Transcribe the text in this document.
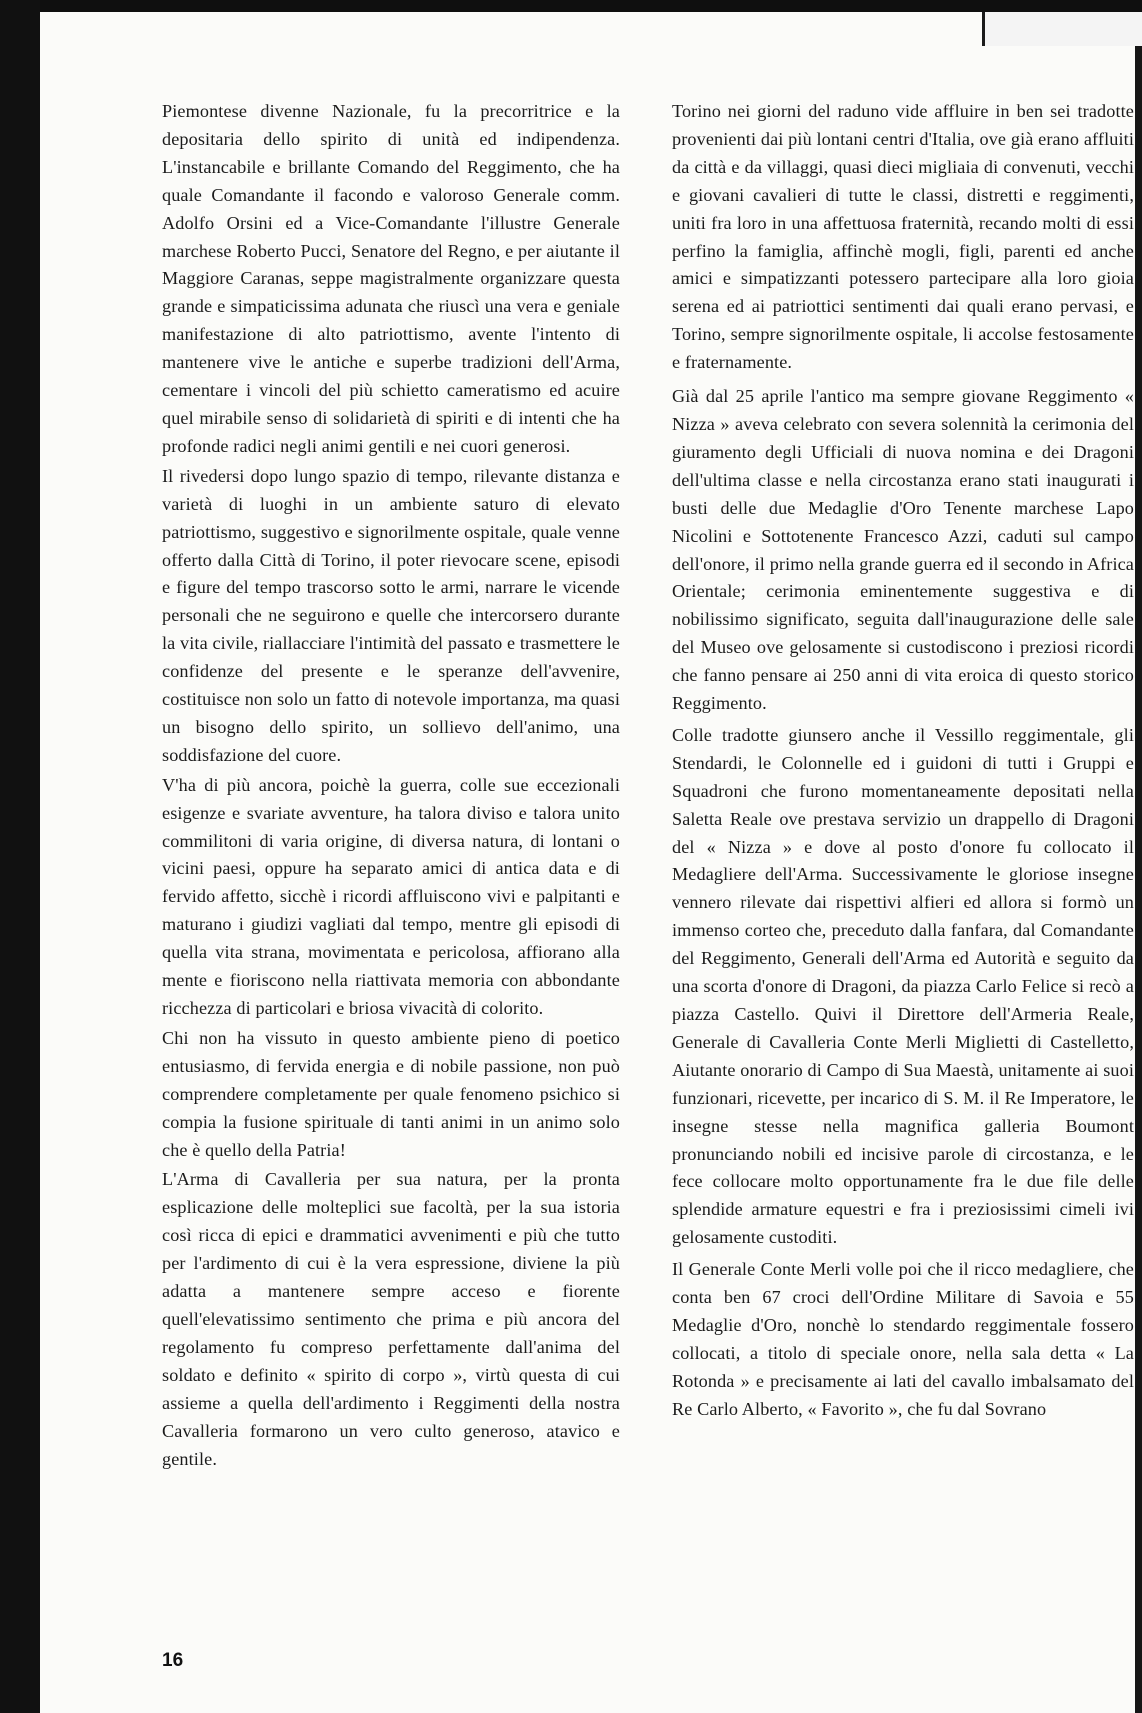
Piemontese divenne Nazionale, fu la precorritrice e la depositaria dello spirito di unità ed indipendenza. L'instancabile e brillante Comando del Reggimento, che ha quale Comandante il facondo e valoroso Generale comm. Adolfo Orsini ed a Vice-Comandante l'illustre Generale marchese Roberto Pucci, Senatore del Regno, e per aiutante il Maggiore Caranas, seppe magistralmente organizzare questa grande e simpaticissima adunata che riuscì una vera e geniale manifestazione di alto patriottismo, avente l'intento di mantenere vive le antiche e superbe tradizioni dell'Arma, cementare i vincoli del più schietto cameratismo ed acuire quel mirabile senso di solidarietà di spiriti e di intenti che ha profonde radici negli animi gentili e nei cuori generosi.

Il rivedersi dopo lungo spazio di tempo, rilevante distanza e varietà di luoghi in un ambiente saturo di elevato patriottismo, suggestivo e signorilmente ospitale, quale venne offerto dalla Città di Torino, il poter rievocare scene, episodi e figure del tempo trascorso sotto le armi, narrare le vicende personali che ne seguirono e quelle che intercorsero durante la vita civile, riallacciare l'intimità del passato e trasmettere le confidenze del presente e le speranze dell'avvenire, costituisce non solo un fatto di notevole importanza, ma quasi un bisogno dello spirito, un sollievo dell'animo, una soddisfazione del cuore.

V'ha di più ancora, poichè la guerra, colle sue eccezionali esigenze e svariate avventure, ha talora diviso e talora unito commilitoni di varia origine, di diversa natura, di lontani o vicini paesi, oppure ha separato amici di antica data e di fervido affetto, sicchè i ricordi affluiscono vivi e palpitanti e maturano i giudizi vagliati dal tempo, mentre gli episodi di quella vita strana, movimentata e pericolosa, affiorano alla mente e fioriscono nella riattivata memoria con abbondante ricchezza di particolari e briosa vivacità di colorito.

Chi non ha vissuto in questo ambiente pieno di poetico entusiasmo, di fervida energia e di nobile passione, non può comprendere completamente per quale fenomeno psichico si compia la fusione spirituale di tanti animi in un animo solo che è quello della Patria!

L'Arma di Cavalleria per sua natura, per la pronta esplicazione delle molteplici sue facoltà, per la sua istoria così ricca di epici e drammatici avvenimenti e più che tutto per l'ardimento di cui è la vera espressione, diviene la più adatta a mantenere sempre acceso e fiorente quell'elevatissimo sentimento che prima e più ancora del regolamento fu compreso perfettamente dall'anima del soldato e definito « spirito di corpo », virtù questa di cui assieme a quella dell'ardimento i Reggimenti della nostra Cavalleria formarono un vero culto generoso, atavico e gentile.

Torino nei giorni del raduno vide affluire in ben sei tradotte provenienti dai più lontani centri d'Italia, ove già erano affluiti da città e da villaggi, quasi dieci migliaia di convenuti, vecchi e giovani cavalieri di tutte le classi, distretti e reggimenti, uniti fra loro in una affettuosa fraternità, recando molti di essi perfino la famiglia, affinchè mogli, figli, parenti ed anche amici e simpatizzanti potessero partecipare alla loro gioia serena ed ai patriottici sentimenti dai quali erano pervasi, e Torino, sempre signorilmente ospitale, li accolse festosamente e fraternamente.

Già dal 25 aprile l'antico ma sempre giovane Reggimento « Nizza » aveva celebrato con severa solennità la cerimonia del giuramento degli Ufficiali di nuova nomina e dei Dragoni dell'ultima classe e nella circostanza erano stati inaugurati i busti delle due Medaglie d'Oro Tenente marchese Lapo Nicolini e Sottotenente Francesco Azzi, caduti sul campo dell'onore, il primo nella grande guerra ed il secondo in Africa Orientale; cerimonia eminentemente suggestiva e di nobilissimo significato, seguita dall'inaugurazione delle sale del Museo ove gelosamente si custodiscono i preziosi ricordi che fanno pensare ai 250 anni di vita eroica di questo storico Reggimento.

Colle tradotte giunsero anche il Vessillo reggimentale, gli Stendardi, le Colonnelle ed i guidoni di tutti i Gruppi e Squadroni che furono momentaneamente depositati nella Saletta Reale ove prestava servizio un drappello di Dragoni del « Nizza » e dove al posto d'onore fu collocato il Medagliere dell'Arma. Successivamente le gloriose insegne vennero rilevate dai rispettivi alfieri ed allora si formò un immenso corteo che, preceduto dalla fanfara, dal Comandante del Reggimento, Generali dell'Arma ed Autorità e seguito da una scorta d'onore di Dragoni, da piazza Carlo Felice si recò a piazza Castello. Quivi il Direttore dell'Armeria Reale, Generale di Cavalleria Conte Merli Miglietti di Castelletto, Aiutante onorario di Campo di Sua Maestà, unitamente ai suoi funzionari, ricevette, per incarico di S. M. il Re Imperatore, le insegne stesse nella magnifica galleria Boumont pronunciando nobili ed incisive parole di circostanza, e le fece collocare molto opportunamente fra le due file delle splendide armature equestri e fra i preziosissimi cimeli ivi gelosamente custoditi.

Il Generale Conte Merli volle poi che il ricco medagliere, che conta ben 67 croci dell'Ordine Militare di Savoia e 55 Medaglie d'Oro, nonchè lo stendardo reggimentale fossero collocati, a titolo di speciale onore, nella sala detta « La Rotonda » e precisamente ai lati del cavallo imbalsamato del Re Carlo Alberto, « Favorito », che fu dal Sovrano

16
